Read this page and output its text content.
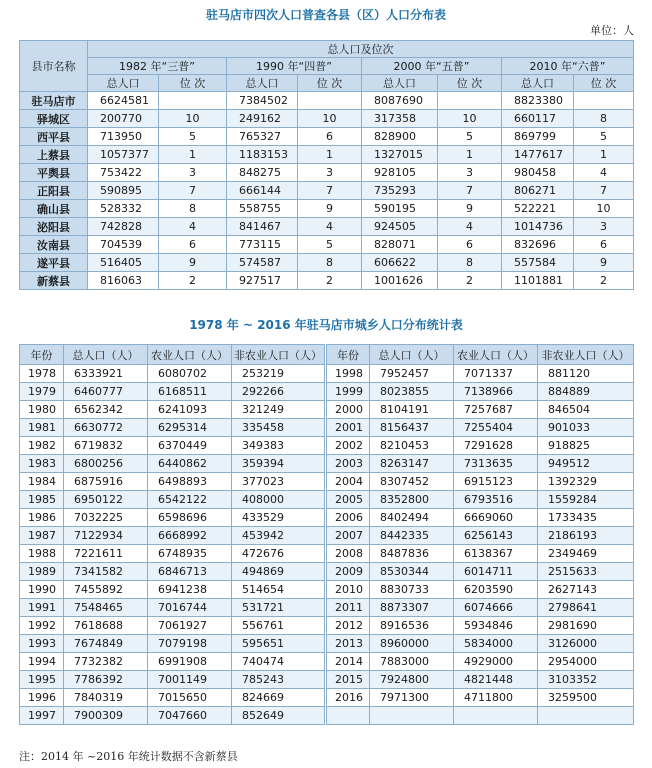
驻马店市四次人口普查各县（区）人口分布表
单位：人
县市名称	总人口及位次							
	1982 年“三普”		1990 年“四普”		2000 年“五普”		2010 年“六普”	
	总人口	位 次	总人口	位 次	总人口	位 次	总人口	位 次
驻马店市	6624581		7384502		8087690		8823380	
驿城区	200770	10	249162	10	317358	10	660117	8
西平县	713950	5	765327	6	828900	5	869799	5
上蔡县	1057377	1	1183153	1	1327015	1	1477617	1
平舆县	753422	3	848275	3	928105	3	980458	4
正阳县	590895	7	666144	7	735293	7	806271	7
确山县	528332	8	558755	9	590195	9	522221	10
泌阳县	742828	4	841467	4	924505	4	1014736	3
汝南县	704539	6	773115	5	828071	6	832696	6
遂平县	516405	9	574587	8	606622	8	557584	9
新蔡县	816063	2	927517	2	1001626	2	1101881	2
1978 年 ~ 2016 年驻马店市城乡人口分布统计表
年份	总人口（人）	农业人口（人）	非农业人口（人）	年份	总人口（人）	农业人口（人）	非农业人口（人）
1978	6333921	6080702	253219	1998	7952457	7071337	881120
1979	6460777	6168511	292266	1999	8023855	7138966	884889
1980	6562342	6241093	321249	2000	8104191	7257687	846504
1981	6630772	6295314	335458	2001	8156437	7255404	901033
1982	6719832	6370449	349383	2002	8210453	7291628	918825
1983	6800256	6440862	359394	2003	8263147	7313635	949512
1984	6875916	6498893	377023	2004	8307452	6915123	1392329
1985	6950122	6542122	408000	2005	8352800	6793516	1559284
1986	7032225	6598696	433529	2006	8402494	6669060	1733435
1987	7122934	6668992	453942	2007	8442335	6256143	2186193
1988	7221611	6748935	472676	2008	8487836	6138367	2349469
1989	7341582	6846713	494869	2009	8530344	6014711	2515633
1990	7455892	6941238	514654	2010	8830733	6203590	2627143
1991	7548465	7016744	531721	2011	8873307	6074666	2798641
1992	7618688	7061927	556761	2012	8916536	5934846	2981690
1993	7674849	7079198	595651	2013	8960000	5834000	3126000
1994	7732382	6991908	740474	2014	7883000	4929000	2954000
1995	7786392	7001149	785243	2015	7924800	4821448	3103352
1996	7840319	7015650	824669	2016	7971300	4711800	3259500
1997	7900309	7047660	852649				
注：2014 年 ~2016 年统计数据不含新蔡县
